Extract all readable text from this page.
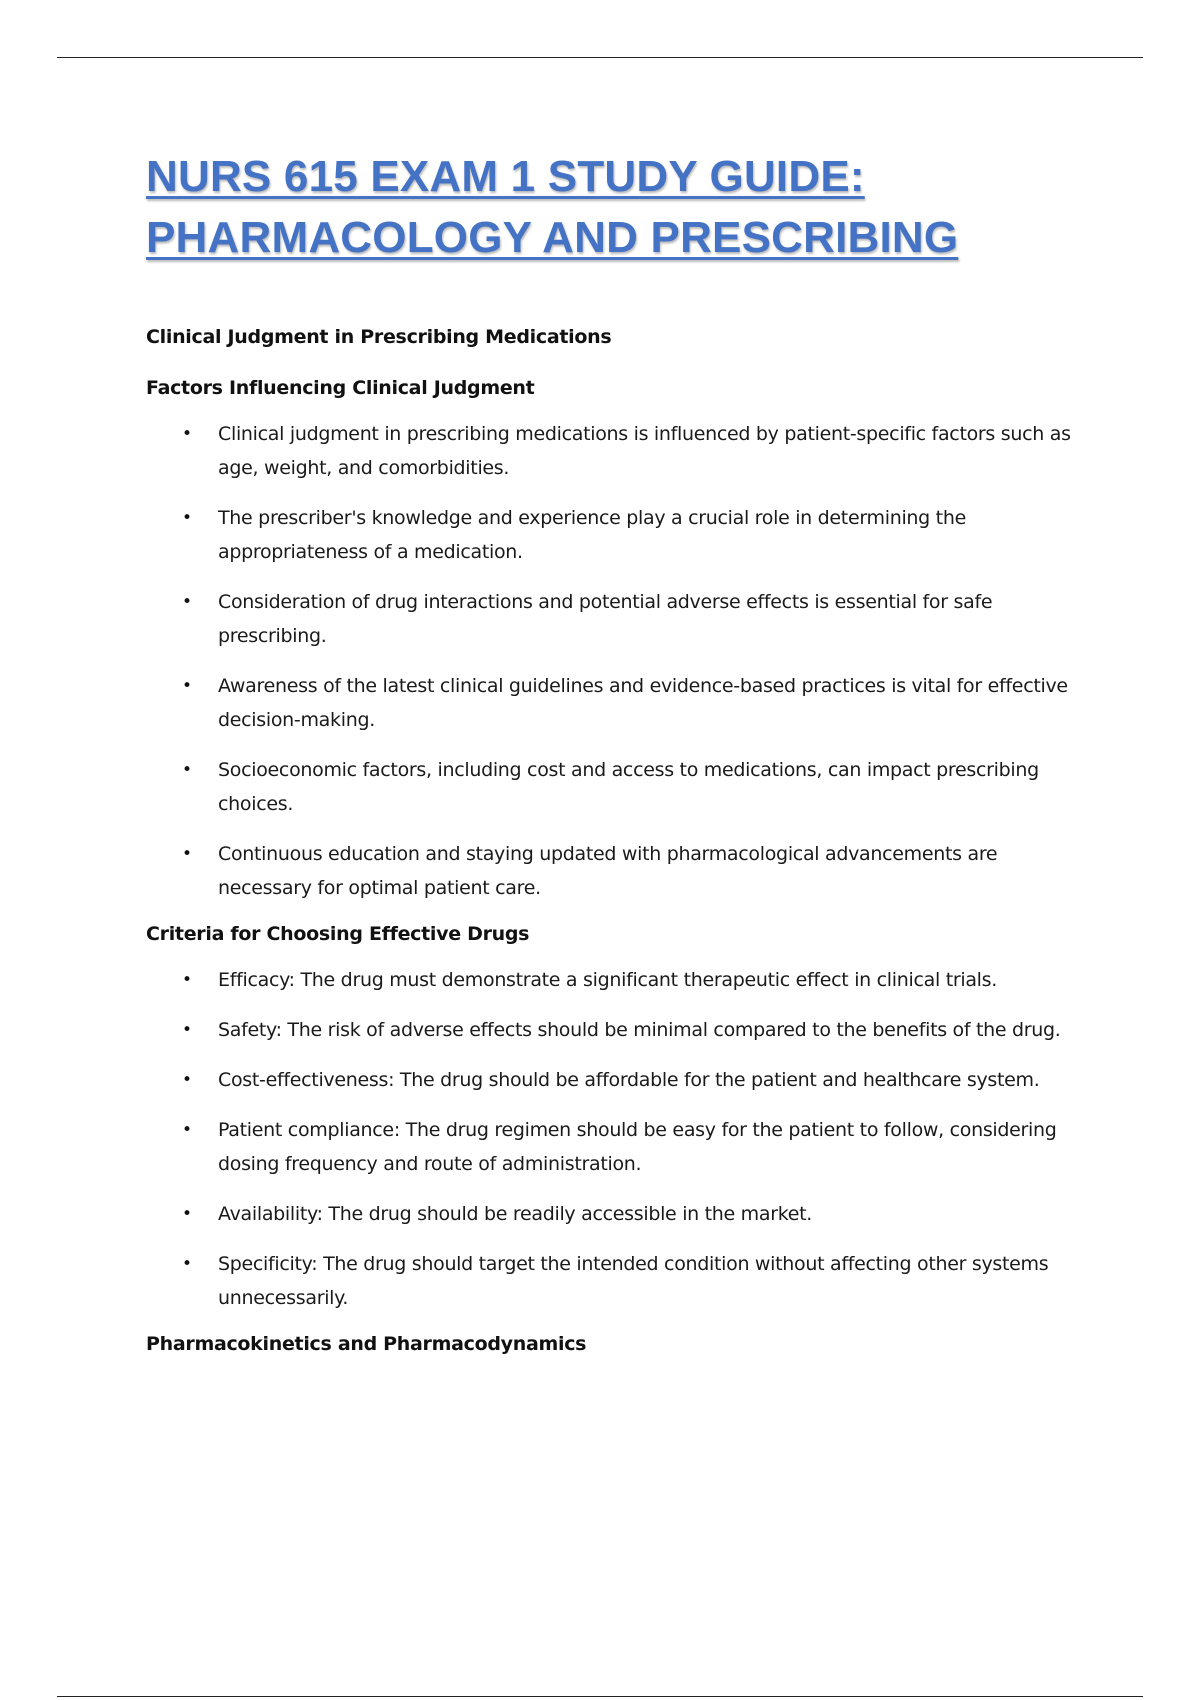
NURS 615 EXAM 1 STUDY GUIDE:
PHARMACOLOGY AND PRESCRIBING
Clinical Judgment in Prescribing Medications
Factors Influencing Clinical Judgment
• Clinical judgment in prescribing medications is influenced by patient-specific factors such as age, weight, and comorbidities.
• The prescriber's knowledge and experience play a crucial role in determining the appropriateness of a medication.
• Consideration of drug interactions and potential adverse effects is essential for safe prescribing.
• Awareness of the latest clinical guidelines and evidence-based practices is vital for effective decision-making.
• Socioeconomic factors, including cost and access to medications, can impact prescribing choices.
• Continuous education and staying updated with pharmacological advancements are necessary for optimal patient care.
Criteria for Choosing Effective Drugs
• Efficacy: The drug must demonstrate a significant therapeutic effect in clinical trials.
• Safety: The risk of adverse effects should be minimal compared to the benefits of the drug.
• Cost-effectiveness: The drug should be affordable for the patient and healthcare system.
• Patient compliance: The drug regimen should be easy for the patient to follow, considering dosing frequency and route of administration.
• Availability: The drug should be readily accessible in the market.
• Specificity: The drug should target the intended condition without affecting other systems unnecessarily.
Pharmacokinetics and Pharmacodynamics
